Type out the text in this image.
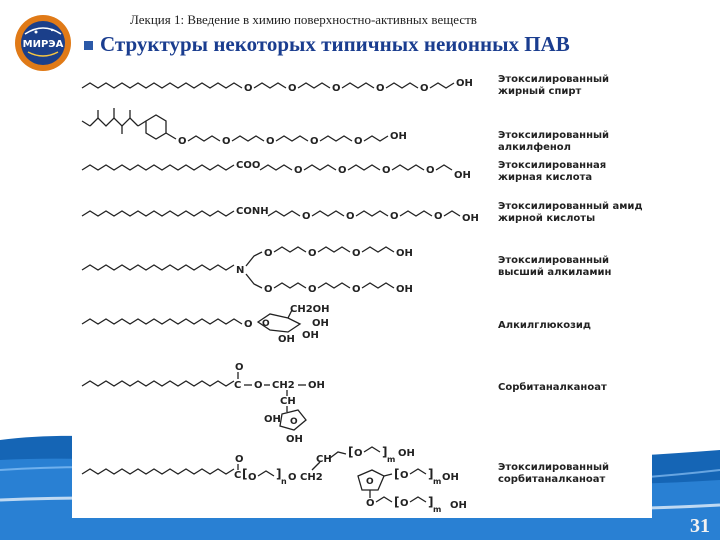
МИРЭА
Лекция 1: Введение в химию поверхностно-активных веществ
Структуры некоторых типичных неионных ПАВ
O	O	O	O	O	OH
O	O	O	O	O	OH
COO	O	O	O	O OH
CONH	O	O	O	O OH
N
O	O	O	OH
O	O	O	OH
O O
CH2OH
OH
OH
OH
O
C O CH2 OH
CH
O
OH
OH
O
C [ O ]
n O CH2
CH
[ O ]
m
OH
O
[ O ]
m OH
O [ O ]
m OH
Этоксилированный жирный спирт
Этоксилированный алкилфенол
Этоксилированная жирная кислота
Этоксилированный амид жирной кислоты
Этоксилированный высший алкиламин
Алкилглюкозид
Сорбитаналканоат
Этоксилированный сорбитаналканоат
31
